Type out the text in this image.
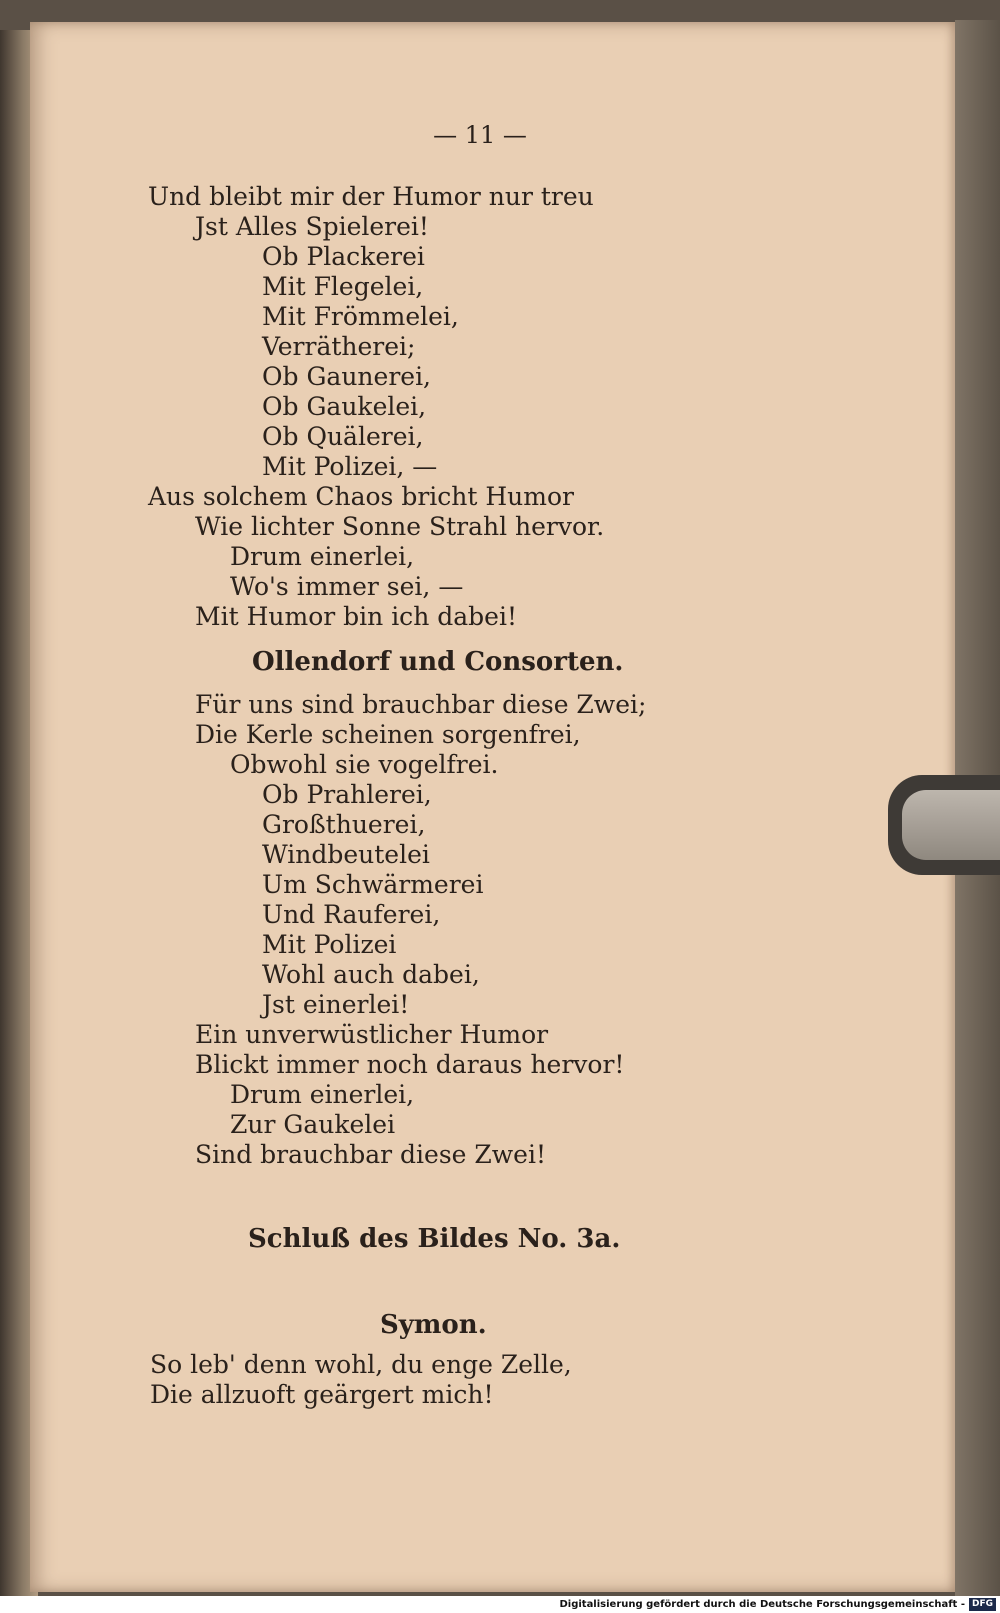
— 11 —
Und bleibt mir der Humor nur treu
Jst Alles Spielerei!
Ob Plackerei
Mit Flegelei,
Mit Frömmelei,
Verrätherei;
Ob Gaunerei,
Ob Gaukelei,
Ob Quälerei,
Mit Polizei, —
Aus solchem Chaos bricht Humor
Wie lichter Sonne Strahl hervor.
Drum einerlei,
Wo's immer sei, —
Mit Humor bin ich dabei!
Ollendorf und Consorten.
Für uns sind brauchbar diese Zwei;
Die Kerle scheinen sorgenfrei,
Obwohl sie vogelfrei.
Ob Prahlerei,
Großthuerei,
Windbeutelei
Um Schwärmerei
Und Rauferei,
Mit Polizei
Wohl auch dabei,
Jst einerlei!
Ein unverwüstlicher Humor
Blickt immer noch daraus hervor!
Drum einerlei,
Zur Gaukelei
Sind brauchbar diese Zwei!
Schluß des Bildes No. 3a.
Symon.
So leb' denn wohl, du enge Zelle,
Die allzuoft geärgert mich!
Digitalisierung gefördert durch die Deutsche Forschungsgemeinschaft - DFG
